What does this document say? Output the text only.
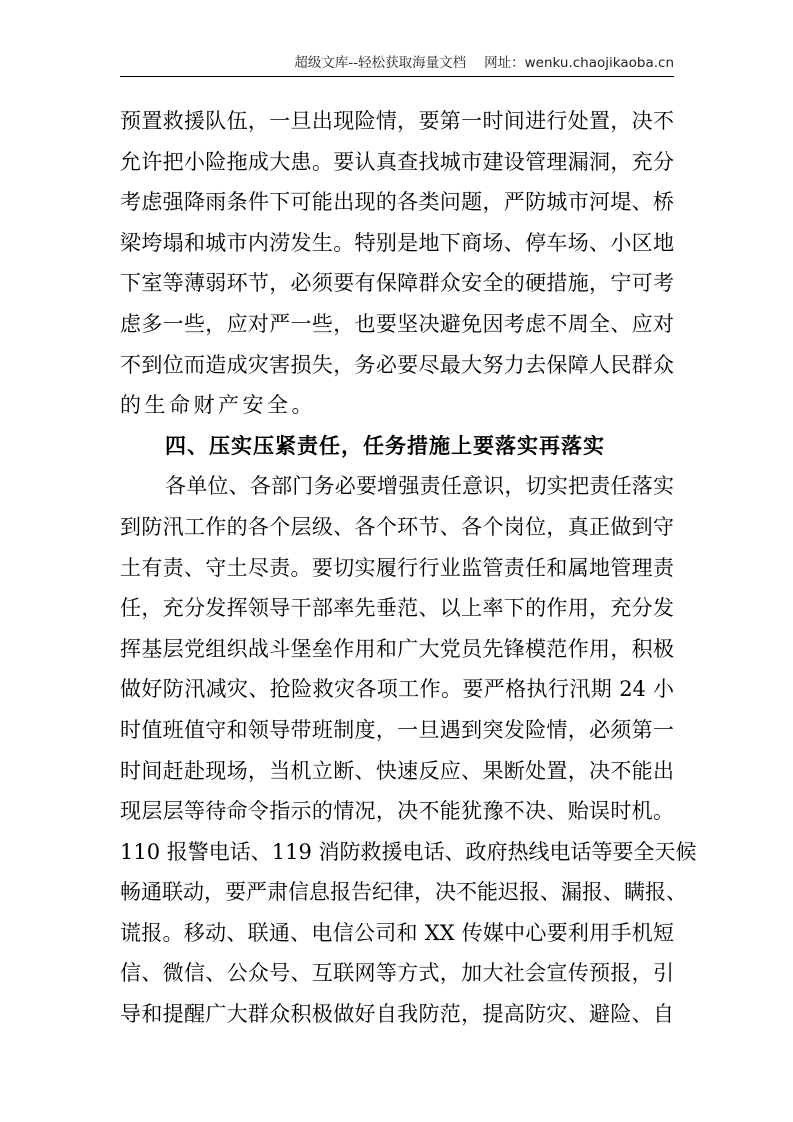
超级文库--轻松获取海量文档 网址：wenku.chaojikaoba.cn
预置救援队伍，一旦出现险情，要第一时间进行处置，决不
允许把小险拖成大患。要认真查找城市建设管理漏洞，充分
考虑强降雨条件下可能出现的各类问题，严防城市河堤、桥
梁垮塌和城市内涝发生。特别是地下商场、停车场、小区地
下室等薄弱环节，必须要有保障群众安全的硬措施，宁可考
虑多一些，应对严一些，也要坚决避免因考虑不周全、应对
不到位而造成灾害损失，务必要尽最大努力去保障人民群众
的生命财产安全。
四、压实压紧责任，任务措施上要落实再落实
各单位、各部门务必要增强责任意识，切实把责任落实
到防汛工作的各个层级、各个环节、各个岗位，真正做到守
土有责、守土尽责。要切实履行行业监管责任和属地管理责
任，充分发挥领导干部率先垂范、以上率下的作用，充分发
挥基层党组织战斗堡垒作用和广大党员先锋模范作用，积极
做好防汛减灾、抢险救灾各项工作。要严格执行汛期 24 小
时值班值守和领导带班制度，一旦遇到突发险情，必须第一
时间赶赴现场，当机立断、快速反应、果断处置，决不能出
现层层等待命令指示的情况，决不能犹豫不决、贻误时机。
110 报警电话、119 消防救援电话、政府热线电话等要全天候
畅通联动，要严肃信息报告纪律，决不能迟报、漏报、瞒报、
谎报。移动、联通、电信公司和 XX 传媒中心要利用手机短
信、微信、公众号、互联网等方式，加大社会宣传预报，引
导和提醒广大群众积极做好自我防范，提高防灾、避险、自
